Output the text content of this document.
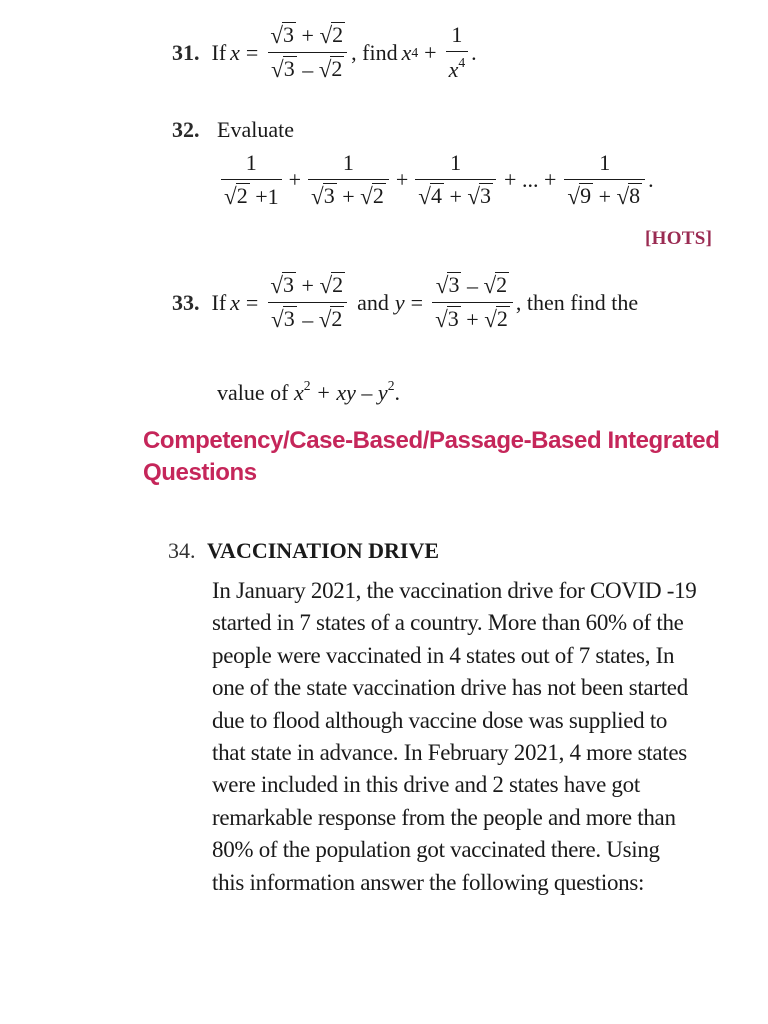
31. If $x = \frac{√ 3 + √ 2}{√ 3 - √ 2}$ , find x $4 + \frac{1}{x^4}$ .
32. Evaluate
$\frac{1}{√ 2 +1} + \frac{1}{√ 3 + √ 2} + \frac{1}{√ 4 + √ 3}$ + ... + $\frac{1}{√ 9 + √ 8}$ .
[HOTS]
33. If $x = \frac{√ 3 + √ 2}{√ 3 - √ 2}$ and $y = \frac{√ 3 - √ 2}{√ 3 + √ 2}$ , then find the
value of $x^2$ + xy – $y^2$.
Competency/Case-Based/Passage-Based Integrated
Questions
34. VACCINATION DRIVE
In January 2021, the vaccination drive for COVID -19
started in 7 states of a country. More than 60% of the
people were vaccinated in 4 states out of 7 states, In
one of the state vaccination drive has not been started
due to flood although vaccine dose was supplied to
that state in advance. In February 2021, 4 more states
were included in this drive and 2 states have got
remarkable response from the people and more than
80% of the population got vaccinated there. Using
this information answer the following questions:
